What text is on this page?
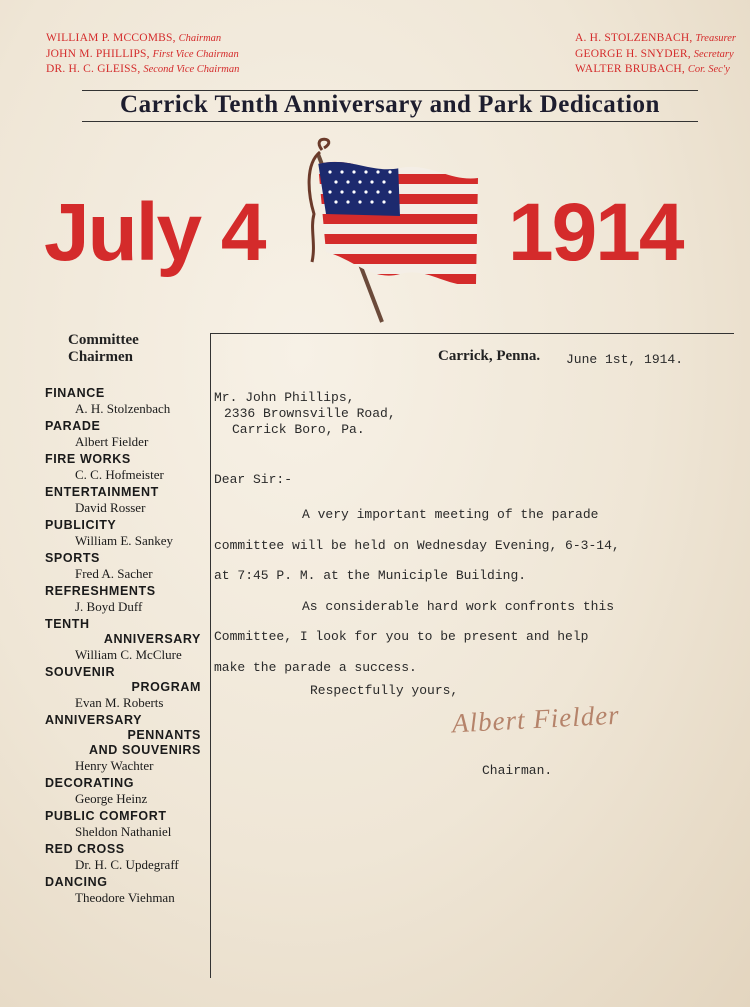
WILLIAM P. MCCOMBS, Chairman
JOHN M. PHILLIPS, First Vice Chairman
DR. H. C. GLEISS, Second Vice Chairman
A. H. STOLZENBACH, Treasurer
GEORGE H. SNYDER, Secretary
WALTER BRUBACH, Cor. Sec'y
Carrick Tenth Anniversary and Park Dedication
July 4	1914
Committee
Chairmen
FINANCE
A. H. Stolzenbach
PARADE
Albert Fielder
FIRE WORKS
C. C. Hofmeister
ENTERTAINMENT
David Rosser
PUBLICITY
William E. Sankey
SPORTS
Fred A. Sacher
REFRESHMENTS
J. Boyd Duff
TENTH
ANNIVERSARY
William C. McClure
SOUVENIR
PROGRAM
Evan M. Roberts
ANNIVERSARY
PENNANTS
AND SOUVENIRS
Henry Wachter
DECORATING
George Heinz
PUBLIC COMFORT
Sheldon Nathaniel
RED CROSS
Dr. H. C. Updegraff
DANCING
Theodore Viehman
Carrick, Penna. June 1st, 1914.
Mr. John Phillips,
2336 Brownsville Road,
Carrick Boro, Pa.
Dear Sir:-

A very important meeting of the parade

committee will be held on Wednesday Evening, 6-3-14,

at 7:45 P. M. at the Municiple Building.

As considerable hard work confronts this

Committee, I look for you to be present and help

make the parade a success.

Respectfully yours,
Albert Fielder
Chairman.
